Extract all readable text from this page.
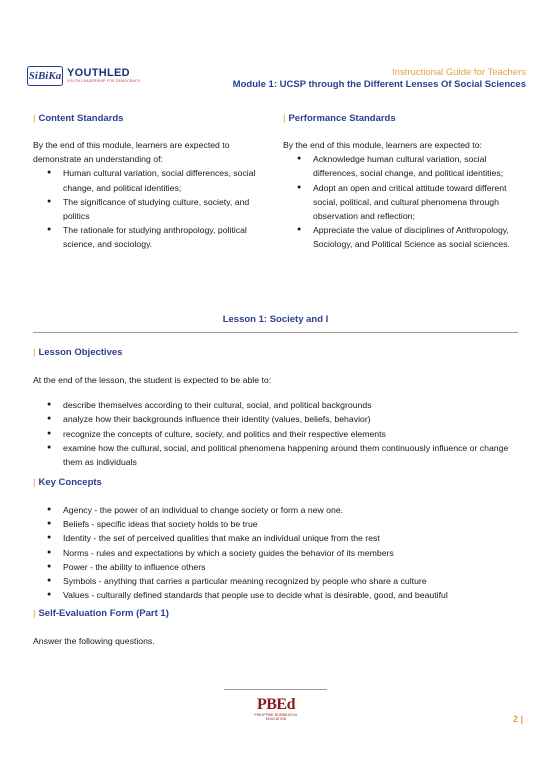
SiBiKa YOUTHLED
YOUTH LEADERSHIP FOR DEMOCRACY
Instructional Guide for Teachers
Module 1: UCSP through the Different Lenses Of Social Sciences
| Content Standards
By the end of this module, learners are expected to demonstrate an understanding of:
● Human cultural variation, social differences, social change, and political identities;
● The significance of studying culture, society, and politics
● The rationale for studying anthropology, political science, and sociology.
| Performance Standards
By the end of this module, learners are expected to:
● Acknowledge human cultural variation, social differences, social change, and political identities;
● Adopt an open and critical attitude toward different social, political, and cultural phenomena through observation and reflection;
● Appreciate the value of disciplines of Anthropology, Sociology, and Political Science as social sciences.
Lesson 1: Society and I
| Lesson Objectives
At the end of the lesson, the student is expected to be able to:
● describe themselves according to their cultural, social, and political backgrounds
● analyze how their backgrounds influence their identity (values, beliefs, behavior)
● recognize the concepts of culture, society, and politics and their respective elements
● examine how the cultural, social, and political phenomena happening around them continuously influence or change them as individuals
| Key Concepts
● Agency - the power of an individual to change society or form a new one.
● Beliefs - specific ideas that society holds to be true
● Identity - the set of perceived qualities that make an individual unique from the rest
● Norms - rules and expectations by which a society guides the behavior of its members
● Power - the ability to influence others
● Symbols - anything that carries a particular meaning recognized by people who share a culture
● Values - culturally defined standards that people use to decide what is desirable, good, and beautiful
| Self-Evaluation Form (Part 1)
Answer the following questions.
PBEd
PHILIPPINE BUSINESS for EDUCATION	2 |
